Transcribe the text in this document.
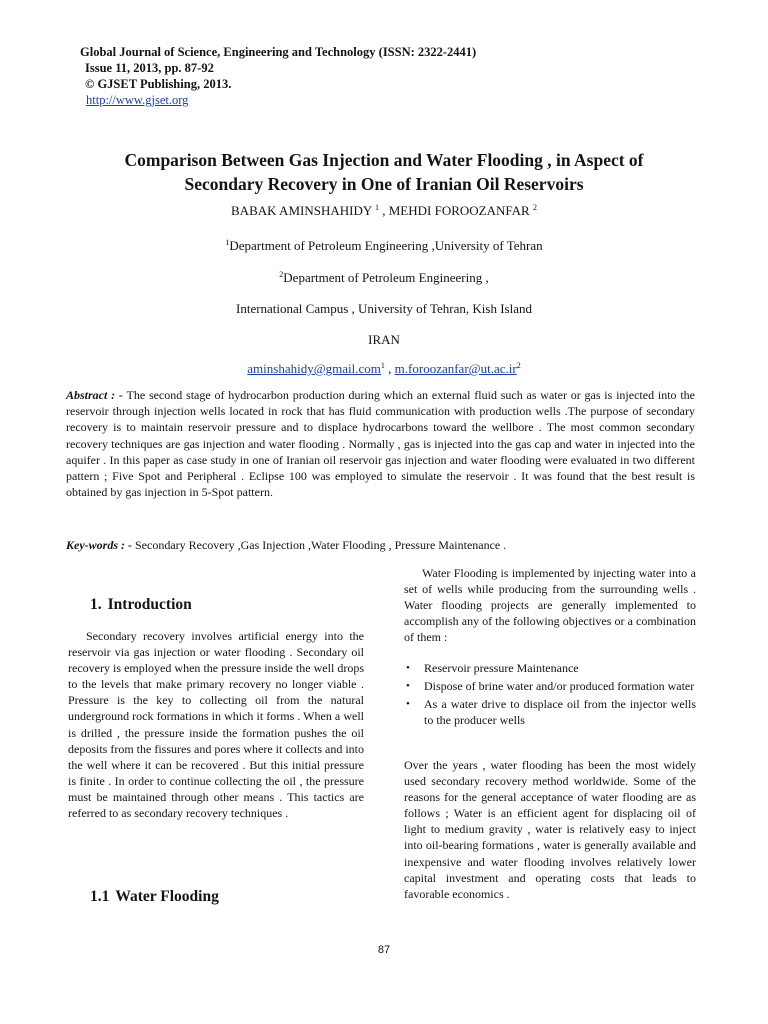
Global Journal of Science, Engineering and Technology (ISSN: 2322-2441)
Issue 11, 2013, pp. 87-92
© GJSET Publishing, 2013.
http://www.gjset.org
Comparison Between Gas Injection and Water Flooding , in Aspect of
Secondary Recovery in One of Iranian Oil Reservoirs
BABAK AMINSHAHIDY $^1$ , MEHDI FOROOZANFAR $^2$
$^1$Department of Petroleum Engineering ,University of Tehran
$^2$Department of Petroleum Engineering ,
International Campus , University of Tehran, Kish Island
IRAN
aminshahidy@gmail.com$^1$ , $m.foroozanfar@ut.ac.ir^2$
Abstract : - The second stage of hydrocarbon production during which an external fluid such as water or gas is injected into the reservoir through injection wells located in rock that has fluid communication with production wells .The purpose of secondary recovery is to maintain reservoir pressure and to displace hydrocarbons toward the wellbore . The most common secondary recovery techniques are gas injection and water flooding . Normally , gas is injected into the gas cap and water in injected into the aquifer . In this paper as case study in one of Iranian oil reservoir gas injection and water flooding were evaluated in two different pattern ; Five Spot and Peripheral . Eclipse 100 was employed to simulate the reservoir . It was found that the best result is obtained by gas injection in 5-Spot pattern.
Key-words : - Secondary Recovery ,Gas Injection ,Water Flooding , Pressure Maintenance .
1. Introduction
Secondary recovery involves artificial energy into the reservoir via gas injection or water flooding . Secondary oil recovery is employed when the pressure inside the well drops to the levels that make primary recovery no longer viable . Pressure is the key to collecting oil from the natural underground rock formations in which it forms . When a well is drilled , the pressure inside the formation pushes the oil deposits from the fissures and pores where it collects and into the well where it can be recovered . But this initial pressure is finite . In order to continue collecting the oil , the pressure must be maintained through other means . This tactics are referred to as secondary recovery techniques .
1.1 Water Flooding
Water Flooding is implemented by injecting water into a set of wells while producing from the surrounding wells . Water flooding projects are generally implemented to accomplish any of the following objectives or a combination of them :
• Reservoir pressure Maintenance
• Dispose of brine water and/or produced formation water
• As a water drive to displace oil from the injector wells to the producer wells
Over the years , water flooding has been the most widely used secondary recovery method worldwide. Some of the reasons for the general acceptance of water flooding are as follows ; Water is an efficient agent for displacing oil of light to medium gravity , water is relatively easy to inject into oil-bearing formations , water is generally available and inexpensive and water flooding involves relatively lower capital investment and operating costs that leads to favorable economics .
87
